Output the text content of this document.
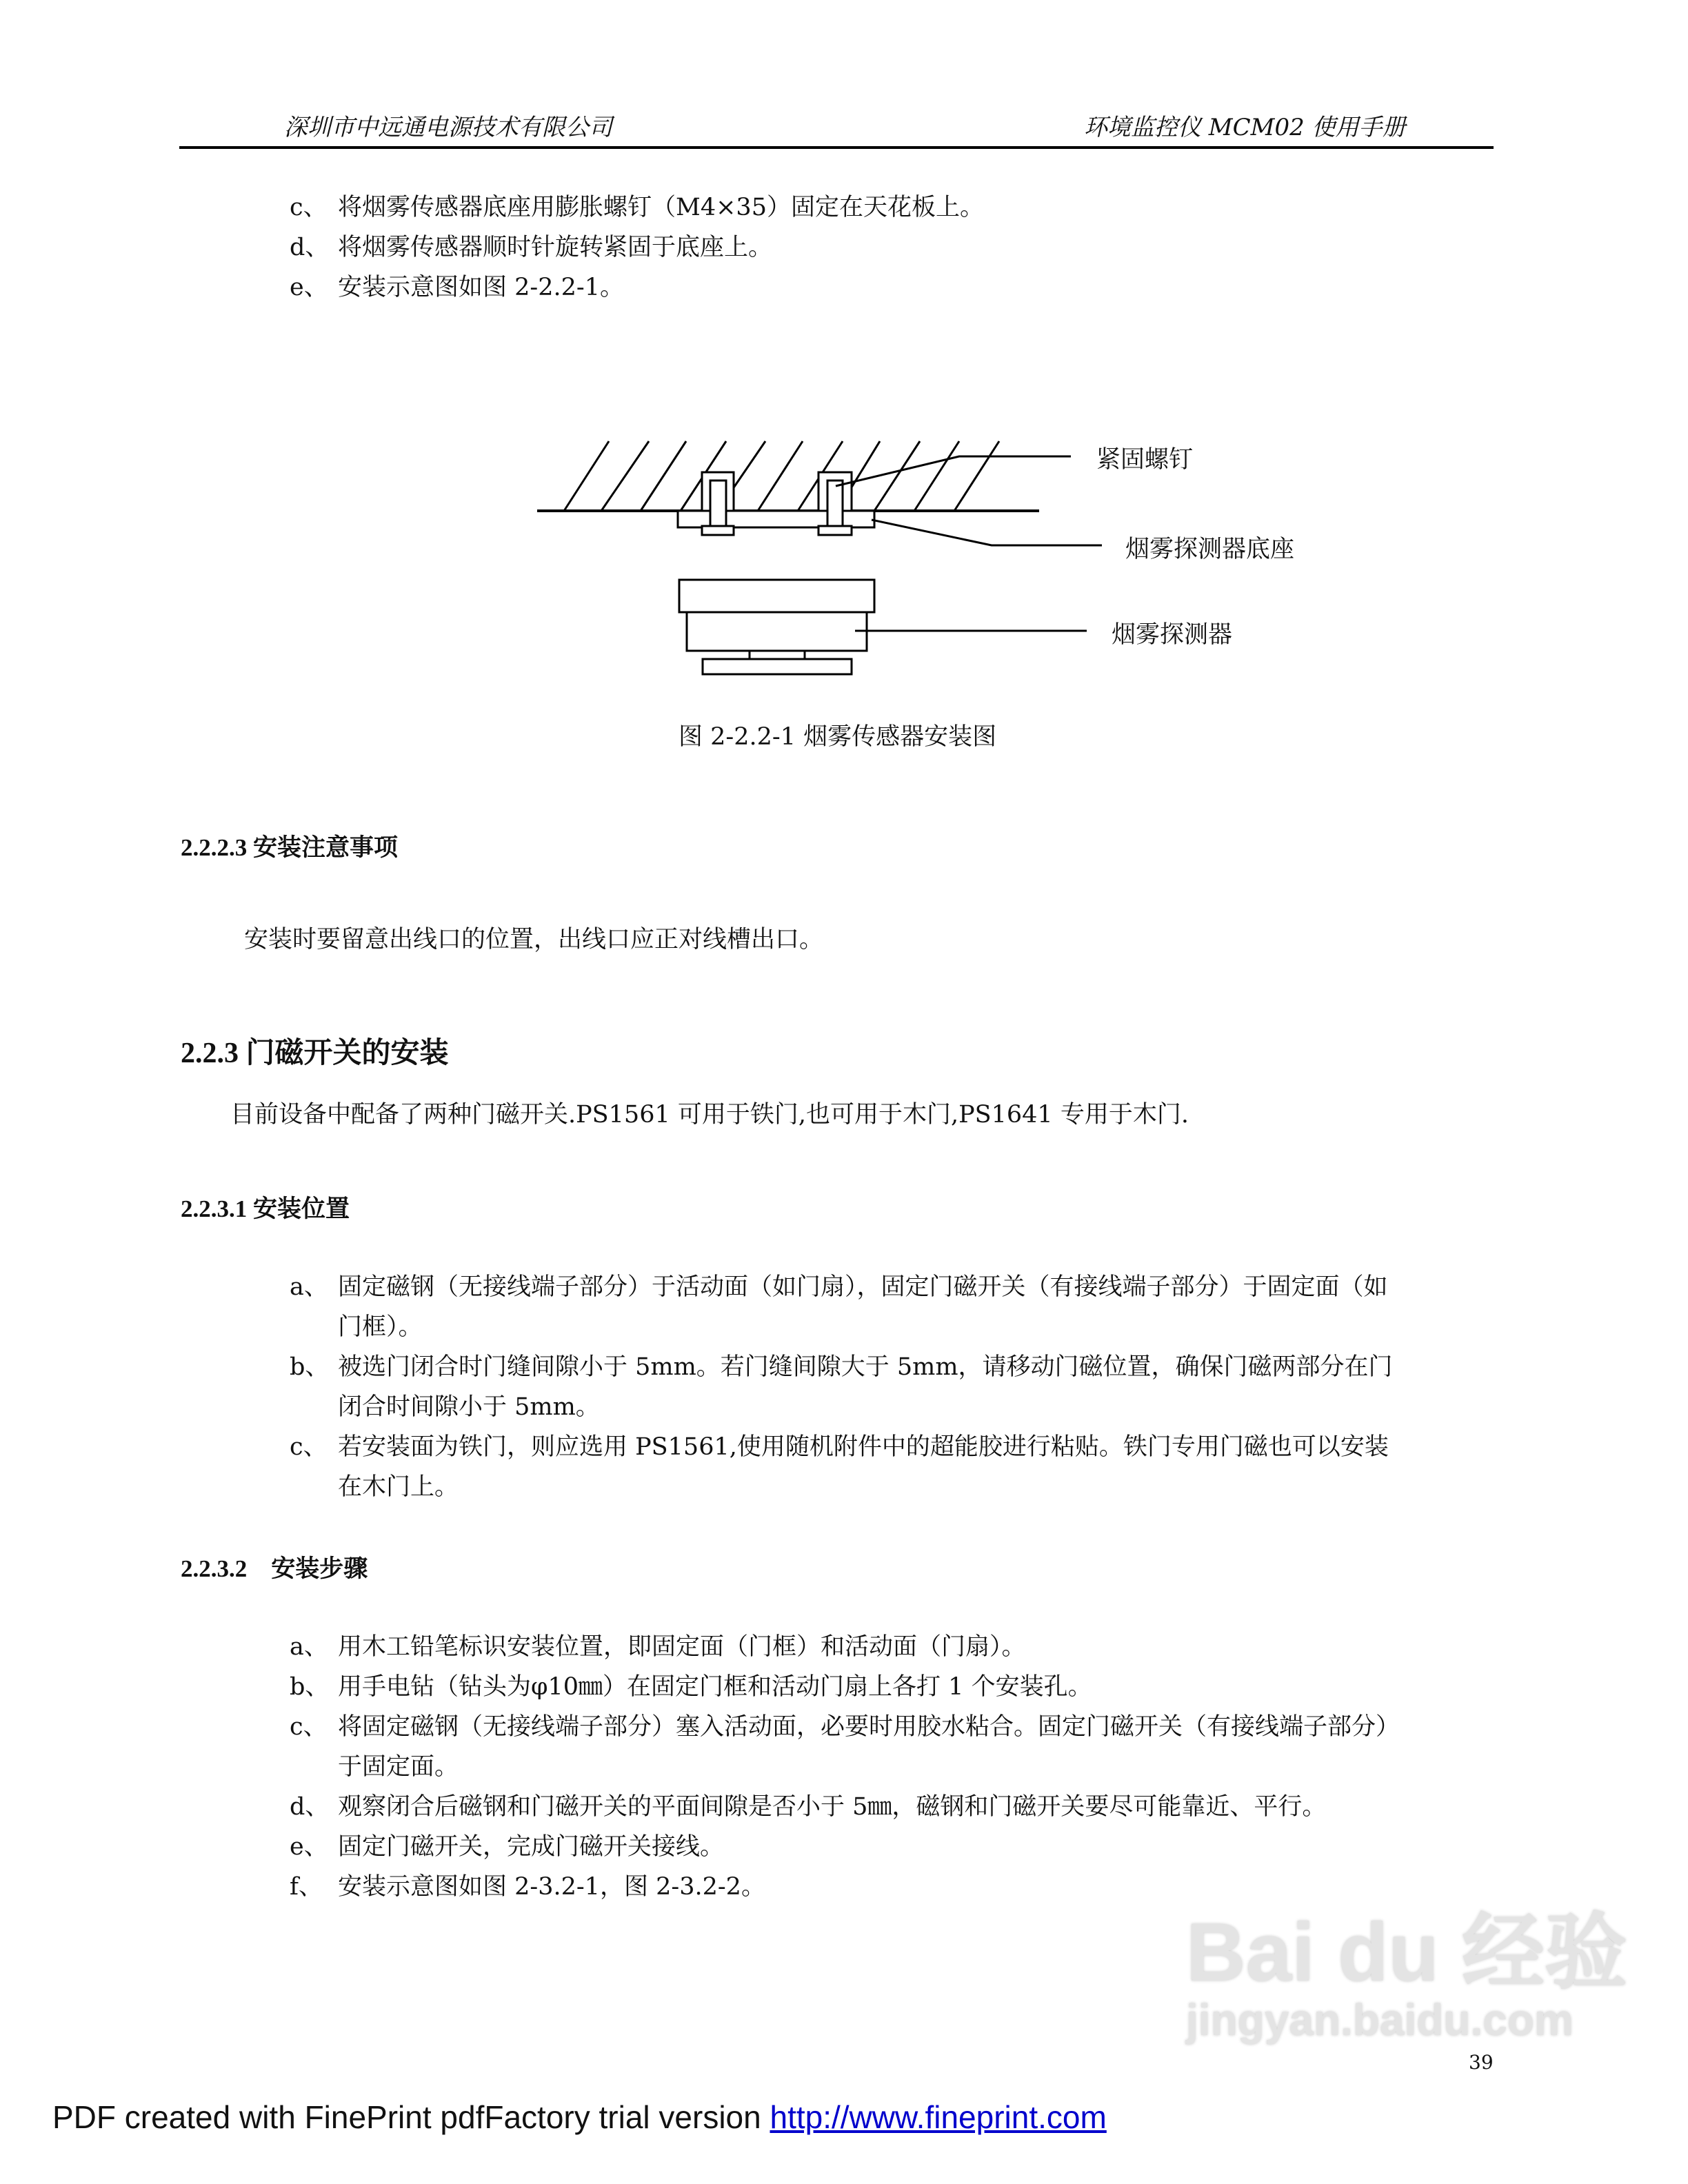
深圳市中远通电源技术有限公司	环境监控仪 MCM02 使用手册
c、 将烟雾传感器底座用膨胀螺钉（M4×35）固定在天花板上。
d、 将烟雾传感器顺时针旋转紧固于底座上。
e、 安装示意图如图 2-2.2-1。
紧固螺钉
烟雾探测器底座
烟雾探测器
图 2-2.2-1 烟雾传感器安装图
2.2.2.3 安装注意事项
安装时要留意出线口的位置，出线口应正对线槽出口。
2.2.3 门磁开关的安装
目前设备中配备了两种门磁开关.PS1561 可用于铁门,也可用于木门,PS1641 专用于木门.
2.2.3.1 安装位置
a、 固定磁钢（无接线端子部分）于活动面（如门扇），固定门磁开关（有接线端子部分）于固定面（如
门框）。
b、 被选门闭合时门缝间隙小于 5mm。若门缝间隙大于 5mm，请移动门磁位置，确保门磁两部分在门
闭合时间隙小于 5mm。
c、 若安装面为铁门，则应选用 PS1561,使用随机附件中的超能胶进行粘贴。铁门专用门磁也可以安装
在木门上。
2.2.3.2    安装步骤
a、 用木工铅笔标识安装位置，即固定面（门框）和活动面（门扇）。
b、 用手电钻（钻头为φ10㎜）在固定门框和活动门扇上各打 1 个安装孔。
c、 将固定磁钢（无接线端子部分）塞入活动面，必要时用胶水粘合。固定门磁开关（有接线端子部分）
于固定面。
d、 观察闭合后磁钢和门磁开关的平面间隙是否小于 5㎜，磁钢和门磁开关要尽可能靠近、平行。
e、 固定门磁开关，完成门磁开关接线。
f、 安装示意图如图 2-3.2-1，图 2-3.2-2。
Bai du 经验
jingyan.baidu.com
39
PDF created with FinePrint pdfFactory trial version http://www.fineprint.com
